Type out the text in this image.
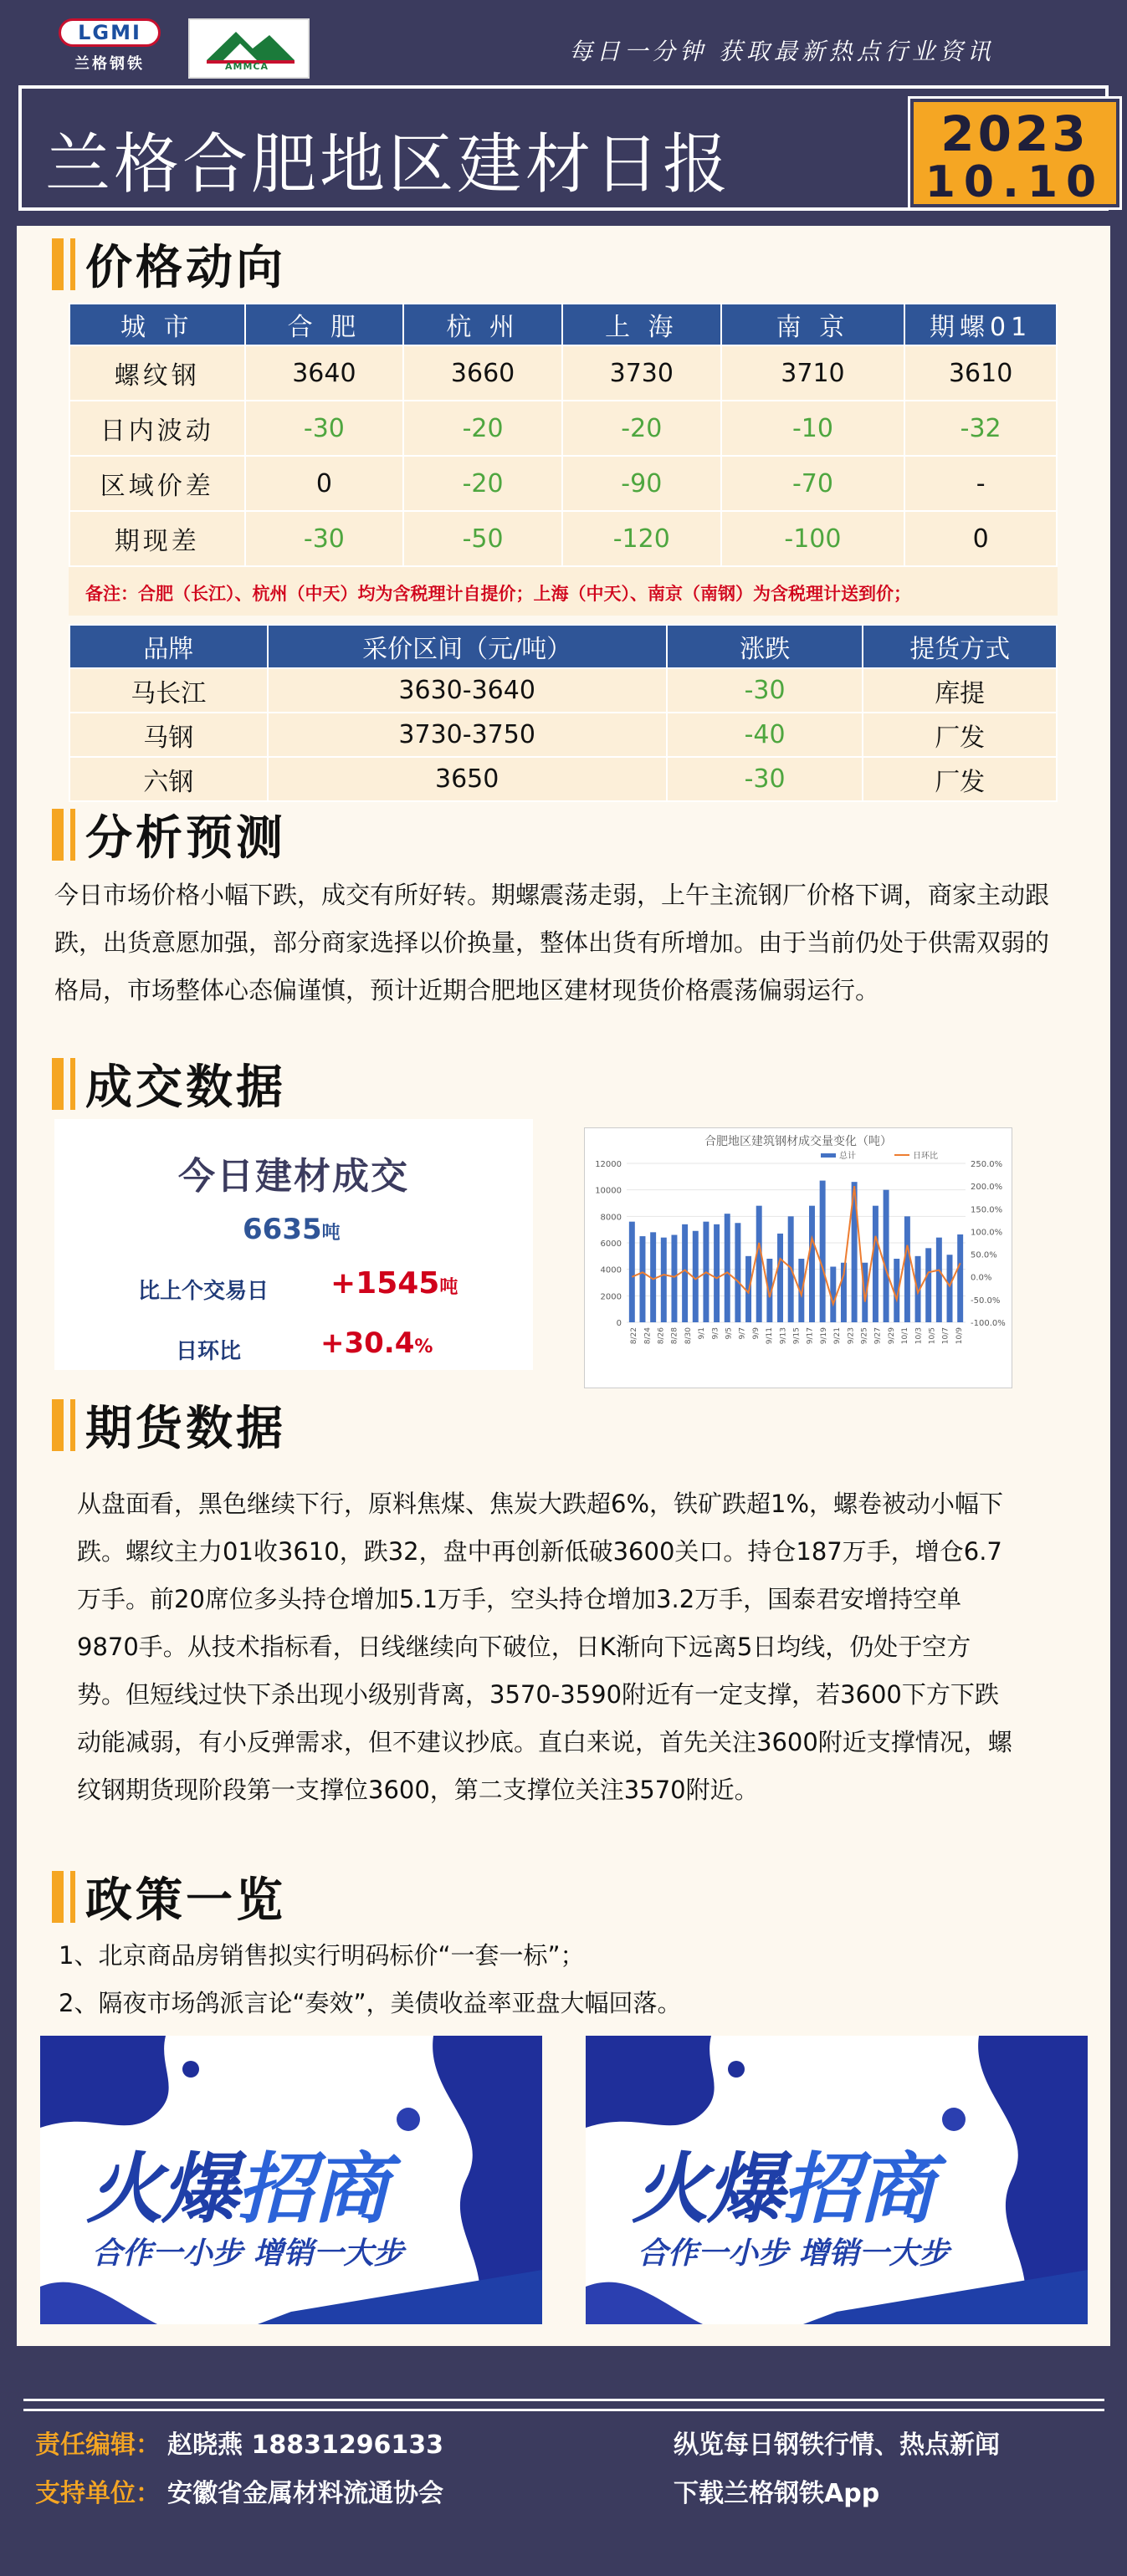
LGMI
兰格钢铁	AMMCA
每日一分钟 获取最新热点行业资讯
兰格合肥地区建材日报	2023
10.10
价格动向
城 市	合 肥	杭 州	上 海	南 京	期螺01
螺纹钢	3640	3660	3730	3710	3610
日内波动	-30	-20	-20	-10	-32
区域价差	0	-20	-90	-70	-
期现差	-30	-50	-120	-100	0
备注：合肥（长江）、杭州（中天）均为含税理计自提价；上海（中天）、南京（南钢）为含税理计送到价；
品牌	采价区间（元/吨）	涨跌	提货方式
马长江	3630-3640	-30	库提
马钢	3730-3750	-40	厂发
六钢	3650	-30	厂发
分析预测
今日市场价格小幅下跌，成交有所好转。期螺震荡走弱，上午主流钢厂价格下调，商家主动跟跌，出货意愿加强，部分商家选择以价换量，整体出货有所增加。由于当前仍处于供需双弱的格局，市场整体心态偏谨慎，预计近期合肥地区建材现货价格震荡偏弱运行。
成交数据
今日建材成交
6635吨
比上个交易日 +1545吨
日环比	+30.4%
合肥地区建筑钢材成交量变化（吨）
总计	日环比
0
2000
4000
6000
8000
10000
12000
-100.0%
-50.0%
0.0%
50.0%
100.0%
150.0%
200.0%
250.0%
8/22 8/24 8/26 8/28 8/30 9/1 9/3 9/5 9/7 9/9 9/11 9/13 9/15 9/17 9/19 9/21 9/23 9/25 9/27 9/29 10/1 10/3 10/5 10/7 10/9
期货数据
从盘面看，黑色继续下行，原料焦煤、焦炭大跌超6%，铁矿跌超1%，螺卷被动小幅下跌。螺纹主力01收3610，跌32，盘中再创新低破3600关口。持仓187万手，增仓6.7万手。前20席位多头持仓增加5.1万手，空头持仓增加3.2万手，国泰君安增持空单9870手。从技术指标看，日线继续向下破位，日K渐向下远离5日均线，仍处于空方势。但短线过快下杀出现小级别背离，3570-3590附近有一定支撑，若3600下方下跌动能减弱，有小反弹需求，但不建议抄底。直白来说，首先关注3600附近支撑情况，螺纹钢期货现阶段第一支撑位3600，第二支撑位关注3570附近。
政策一览
1、北京商品房销售拟实行明码标价“一套一标”；
2、隔夜市场鸽派言论“奏效”，美债收益率亚盘大幅回落。
火爆招商
合作一小步 增销一大步
火爆招商
合作一小步 增销一大步
责任编辑： 赵晓燕 18831296133
支持单位： 安徽省金属材料流通协会
纵览每日钢铁行情、热点新闻
下载兰格钢铁App
